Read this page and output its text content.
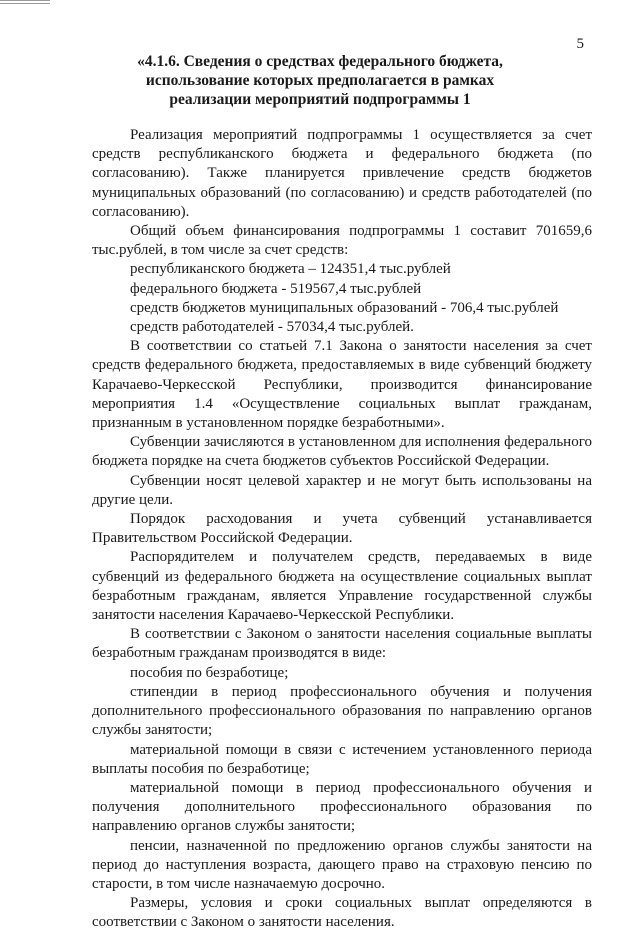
5
«4.1.6. Сведения о средствах федерального бюджета,
использование которых предполагается в рамках
реализации мероприятий подпрограммы 1

Реализация мероприятий подпрограммы 1 осуществляется за счет средств республиканского бюджета и федерального бюджета (по согласованию). Также планируется привлечение средств бюджетов муниципальных образований (по согласованию) и средств работодателей (по согласованию).

Общий объем финансирования подпрограммы 1 составит 701659,6 тыс.рублей, в том числе за счет средств:

республиканского бюджета – 124351,4 тыс.рублей

федерального бюджета - 519567,4 тыс.рублей

средств бюджетов муниципальных образований - 706,4 тыс.рублей

средств работодателей - 57034,4 тыс.рублей.

В соответствии со статьей 7.1 Закона о занятости населения за счет средств федерального бюджета, предоставляемых в виде субвенций бюджету Карачаево-Черкесской Республики, производится финансирование мероприятия 1.4 «Осуществление социальных выплат гражданам, признанным в установленном порядке безработными».

Субвенции зачисляются в установленном для исполнения федерального бюджета порядке на счета бюджетов субъектов Российской Федерации.

Субвенции носят целевой характер и не могут быть использованы на другие цели.

Порядок расходования и учета субвенций устанавливается Правительством Российской Федерации.

Распорядителем и получателем средств, передаваемых в виде субвенций из федерального бюджета на осуществление социальных выплат безработным гражданам, является Управление государственной службы занятости населения Карачаево-Черкесской Республики.

В соответствии с Законом о занятости населения социальные выплаты безработным гражданам производятся в виде:

пособия по безработице;

стипендии в период профессионального обучения и получения дополнительного профессионального образования по направлению органов службы занятости;

материальной помощи в связи с истечением установленного периода выплаты пособия по безработице;

материальной помощи в период профессионального обучения и получения дополнительного профессионального образования по направлению органов службы занятости;

пенсии, назначенной по предложению органов службы занятости на период до наступления возраста, дающего право на страховую пенсию по старости, в том числе назначаемую досрочно.

Размеры, условия и сроки социальных выплат определяются в соответствии с Законом о занятости населения.
